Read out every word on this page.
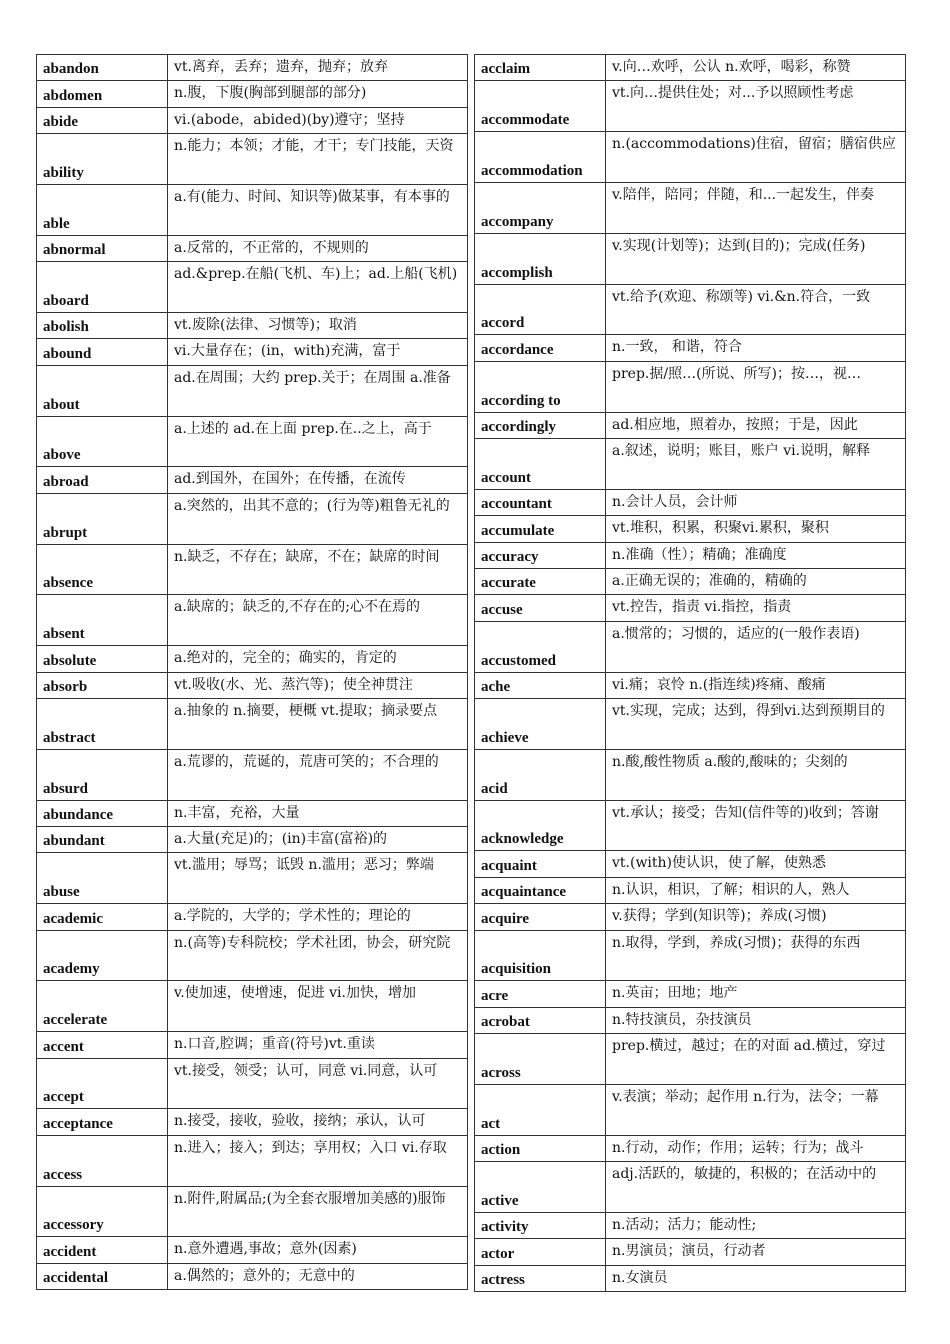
abandon	vt.离弃，丢弃；遗弃，抛弃；放弃
abdomen	n.腹，下腹(胸部到腿部的部分)
abide	vi.(abode，abided)(by)遵守；坚持
ability	n.能力；本领；才能，才干；专门技能，天资
able	a.有(能力、时间、知识等)做某事，有本事的
abnormal	a.反常的，不正常的，不规则的
aboard	ad.&prep.在船(飞机、车)上；ad.上船(飞机)
abolish	vt.废除(法律、习惯等)；取消
abound	vi.大量存在；(in，with)充满，富于
about	ad.在周围；大约 prep.关于；在周围 a.准备
above	a.上述的 ad.在上面 prep.在..之上，高于
abroad	ad.到国外，在国外；在传播，在流传
abrupt	a.突然的，出其不意的；(行为等)粗鲁无礼的
absence	n.缺乏，不存在；缺席，不在；缺席的时间
absent	a.缺席的；缺乏的,不存在的;心不在焉的
absolute	a.绝对的，完全的；确实的，肯定的
absorb	vt.吸收(水、光、蒸汽等)；使全神贯注
abstract	a.抽象的 n.摘要，梗概 vt.提取；摘录要点
absurd	a.荒谬的，荒诞的，荒唐可笑的；不合理的
abundance	n.丰富，充裕，大量
abundant	a.大量(充足)的；(in)丰富(富裕)的
abuse	vt.滥用；辱骂；诋毁 n.滥用；恶习；弊端
academic	a.学院的，大学的；学术性的；理论的
academy	n.(高等)专科院校；学术社团，协会，研究院
accelerate	v.使加速，使增速，促进 vi.加快，增加
accent	n.口音,腔调；重音(符号)vt.重读
accept	vt.接受，领受；认可，同意 vi.同意，认可
acceptance	n.接受，接收，验收，接纳；承认，认可
access	n.进入；接入；到达；享用权；入口 vi.存取
accessory	n.附件,附属品;(为全套衣服增加美感的)服饰
accident	n.意外遭遇,事故；意外(因素)
accidental	a.偶然的；意外的；无意中的
acclaim	v.向…欢呼，公认 n.欢呼，喝彩，称赞
accommodate	vt.向…提供住处；对...予以照顾性考虑
accommodation	n.(accommodations)住宿，留宿；膳宿供应
accompany	v.陪伴，陪同；伴随，和...一起发生，伴奏
accomplish	v.实现(计划等)；达到(目的)；完成(任务)
accord	vt.给予(欢迎、称颂等) vi.&n.符合，一致
accordance	n.一致， 和谐，符合
according to	prep.据/照…(所说、所写)；按…，视…
accordingly	ad.相应地，照着办，按照；于是，因此
account	a.叙述，说明；账目，账户 vi.说明，解释
accountant	n.会计人员，会计师
accumulate	vt.堆积，积累，积聚vi.累积，聚积
accuracy	n.准确（性）；精确；准确度
accurate	a.正确无误的；准确的，精确的
accuse	vt.控告，指责 vi.指控，指责
accustomed	a.惯常的；习惯的，适应的(一般作表语)
ache	vi.痛；哀怜 n.(指连续)疼痛、酸痛
achieve	vt.实现，完成；达到，得到vi.达到预期目的
acid	n.酸,酸性物质 a.酸的,酸味的；尖刻的
acknowledge	vt.承认；接受；告知(信件等的)收到；答谢
acquaint	vt.(with)使认识，使了解，使熟悉
acquaintance	n.认识，相识，了解；相识的人，熟人
acquire	v.获得；学到(知识等)；养成(习惯)
acquisition	n.取得，学到，养成(习惯)；获得的东西
acre	n.英亩；田地；地产
acrobat	n.特技演员，杂技演员
across	prep.横过，越过；在的对面 ad.横过，穿过
act	v.表演；举动；起作用 n.行为，法令；一幕
action	n.行动，动作；作用；运转；行为；战斗
active	adj.活跃的，敏捷的，积极的；在活动中的
activity	n.活动；活力；能动性;
actor	n.男演员；演员，行动者
actress	n.女演员
